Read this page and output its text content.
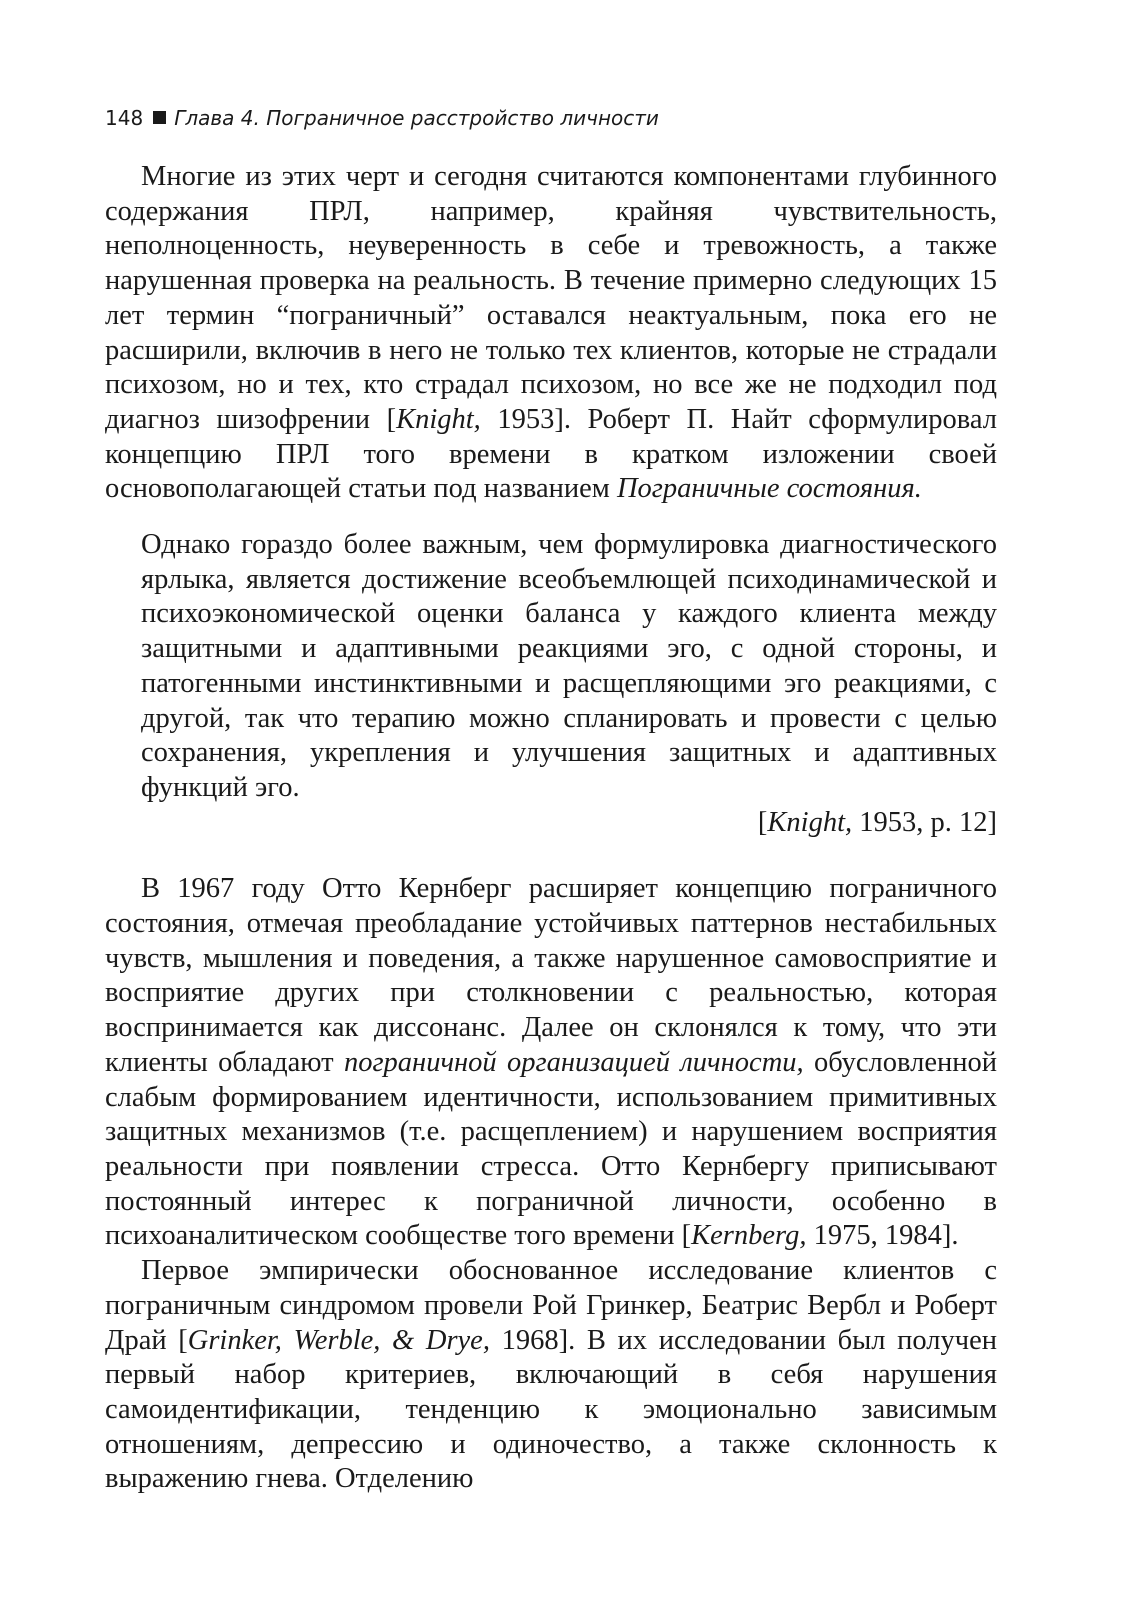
148 Глава 4. Пограничное расстройство личности

Многие из этих черт и сегодня считаются компонентами глубинного содержания ПРЛ, например, крайняя чувствительность, неполноценность, неуверенность в себе и тревожность, а также нарушенная проверка на реальность. В течение примерно следующих 15 лет термин “пограничный” оставался неактуальным, пока его не расширили, включив в него не только тех клиентов, которые не страдали психозом, но и тех, кто страдал психозом, но все же не подходил под диагноз шизофрении [Knight, 1953]. Роберт П. Найт сформулировал концепцию ПРЛ того времени в кратком изложении своей основополагающей статьи под названием Пограничные состояния.

Однако гораздо более важным, чем формулировка диагностического ярлыка, является достижение всеобъемлющей психодинамической и психоэкономической оценки баланса у каждого клиента между защитными и адаптивными реакциями эго, с одной стороны, и патогенными инстинктивными и расщепляющими эго реакциями, с другой, так что терапию можно спланировать и провести с целью сохранения, укрепления и улучшения защитных и адаптивных функций эго.

[Knight, 1953, p. 12]

В 1967 году Отто Кернберг расширяет концепцию пограничного состояния, отмечая преобладание устойчивых паттернов нестабильных чувств, мышления и поведения, а также нарушенное самовосприятие и восприятие других при столкновении с реальностью, которая воспринимается как диссонанс. Далее он склонялся к тому, что эти клиенты обладают пограничной организацией личности, обусловленной слабым формированием идентичности, использованием примитивных защитных механизмов (т.е. расщеплением) и нарушением восприятия реальности при появлении стресса. Отто Кернбергу приписывают постоянный интерес к пограничной личности, особенно в психоаналитическом сообществе того времени [Kernberg, 1975, 1984].

Первое эмпирически обоснованное исследование клиентов с пограничным синдромом провели Рой Гринкер, Беатрис Вербл и Роберт Драй [Grinker, Werble, & Drye, 1968]. В их исследовании был получен первый набор критериев, включающий в себя нарушения самоидентификации, тенденцию к эмоционально зависимым отношениям, депрессию и одиночество, а также склонность к выражению гнева. Отделению
